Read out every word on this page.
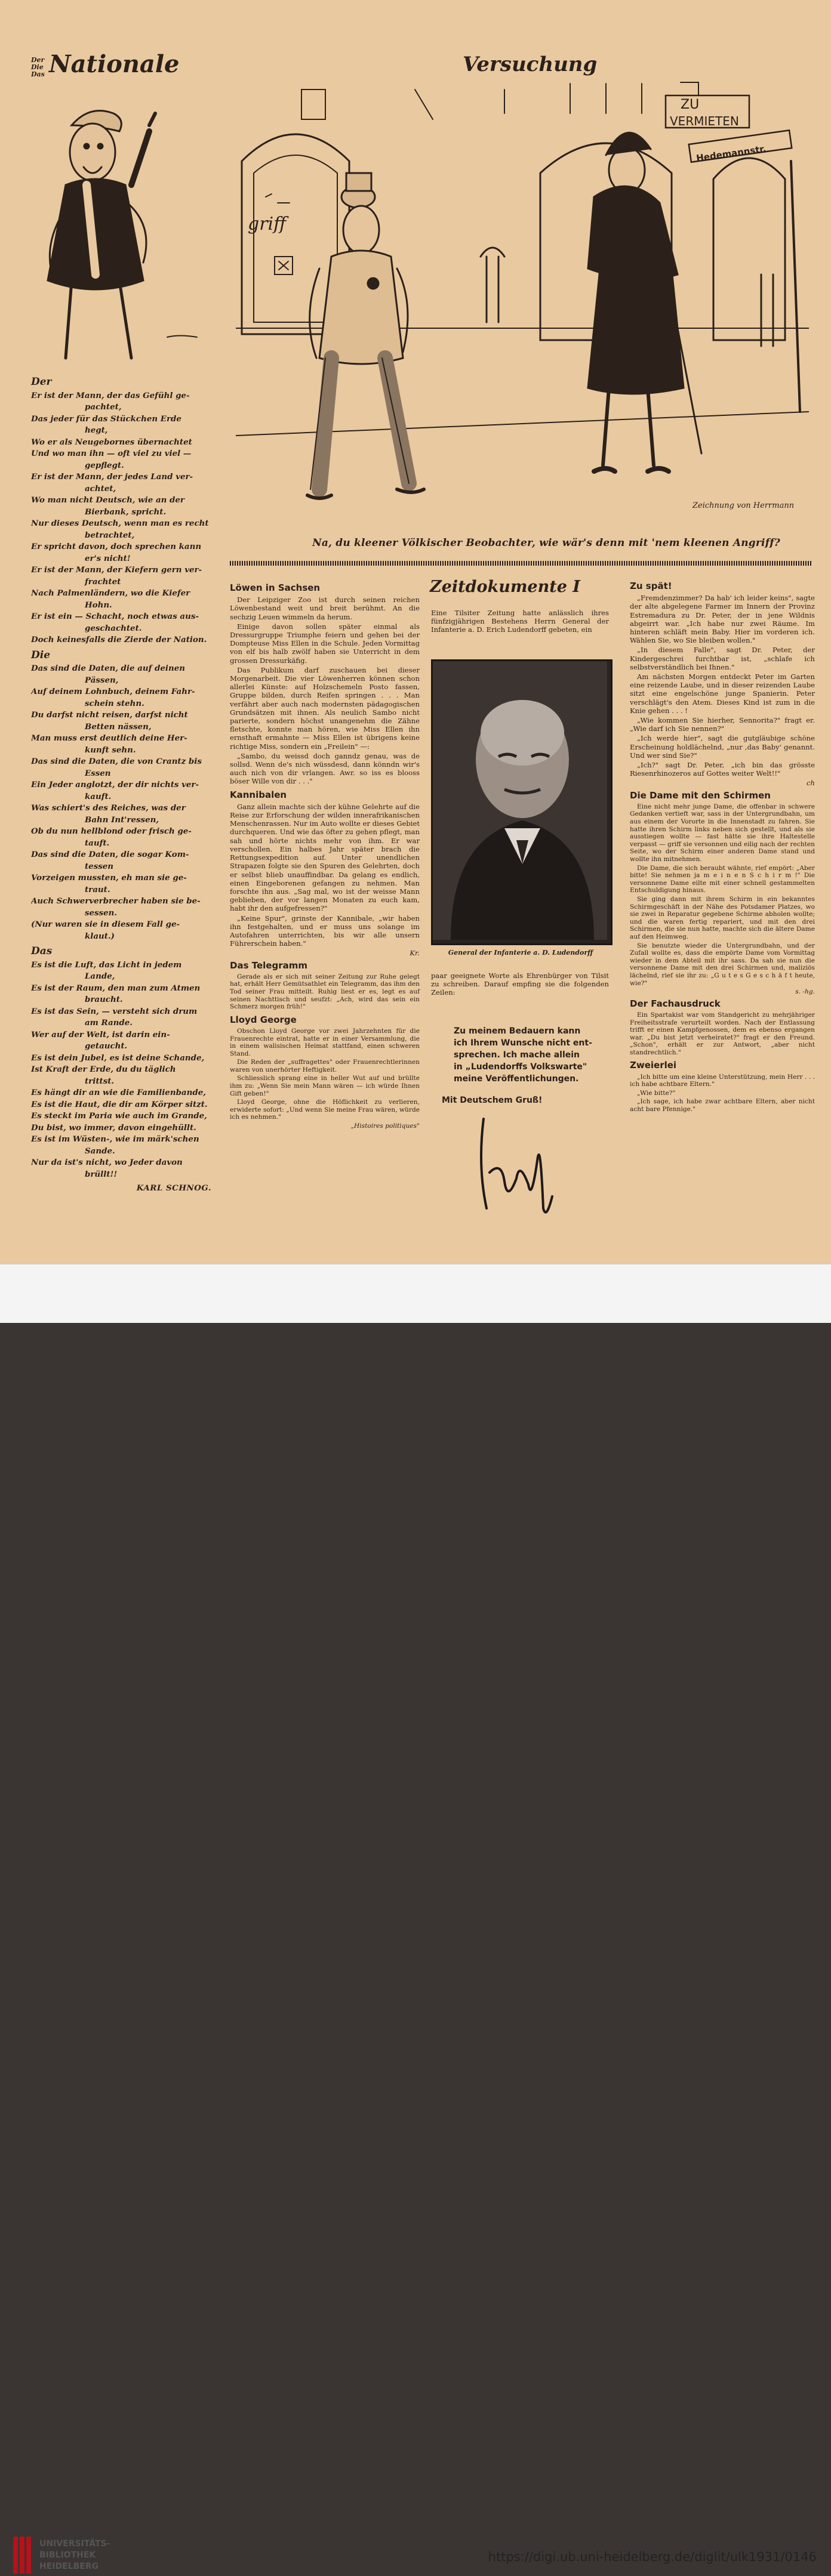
Der
Die
Das Nationale	Versuchung
ZU
VERMIETEN
Hedemannstr.
griff
Zeichnung von Herrmann
Na, du kleener Völkischer Beobachter, wie wär's denn mit 'nem kleenen Angriff?
Der
Er ist der Mann, der das Gefühl ge-
pachtet,
Das jeder für das Stückchen Erde
hegt,
Wo er als Neugebornes übernachtet
Und wo man ihn — oft viel zu viel —
gepflegt.
Er ist der Mann, der jedes Land ver-
achtet,
Wo man nicht Deutsch, wie an der
Bierbank, spricht.
Nur dieses Deutsch, wenn man es recht
betrachtet,
Er spricht davon, doch sprechen kann
er's nicht!
Er ist der Mann, der Kiefern gern ver-
frachtet
Nach Palmenländern, wo die Kiefer
Hohn.
Er ist ein — Schacht, noch etwas aus-
geschachtet.
Doch keinesfalls die Zierde der Nation.
Die
Das sind die Daten, die auf deinen
Pässen,
Auf deinem Lohnbuch, deinem Fahr-
schein stehn.
Du darfst nicht reisen, darfst nicht
Betten nässen,
Man muss erst deutlich deine Her-
kunft sehn.
Das sind die Daten, die von Crantz bis
Essen
Ein Jeder anglotzt, der dir nichts ver-
kauft.
Was schiert's des Reiches, was der
Bahn Int'ressen,
Ob du nun hellblond oder frisch ge-
tauft.
Das sind die Daten, die sogar Kom-
tessen
Vorzeigen mussten, eh man sie ge-
traut.
Auch Schwerverbrecher haben sie be-
sessen.
(Nur waren sie in diesem Fall ge-
klaut.)
Das
Es ist die Luft, das Licht in jedem
Lande,
Es ist der Raum, den man zum Atmen
braucht.
Es ist das Sein, — versteht sich drum
am Rande.
Wer auf der Welt, ist darin ein-
getaucht.
Es ist dein Jubel, es ist deine Schande,
Ist Kraft der Erde, du du täglich
trittst.
Es hängt dir an wie die Familienbande,
Es ist die Haut, die dir am Körper sitzt.
Es steckt im Paria wie auch im Grande,
Du bist, wo immer, davon eingehüllt.
Es ist im Wüsten-, wie im märk'schen
Sande.
Nur da ist's nicht, wo Jeder davon
brüllt!!
KARL SCHNOG.
Löwen in Sachsen

Der Leipziger Zoo ist durch seinen reichen Löwenbestand weit und breit berühmt. An die sechzig Leuen wimmeln da herum.

Einige davon sollen später einmal als Dressurgruppe Triumphe feiern und gehen bei der Dompteuse Miss Ellen in die Schule. Jeden Vormittag von elf bis halb zwölf haben sie Unterricht in dem grossen Dressurkäfig.

Das Publikum darf zuschauen bei dieser Morgenarbeit. Die vier Löwenherren können schon allerlei Künste: auf Holzschemeln Posto fassen, Gruppe bilden, durch Reifen springen . . . Man verfährt aber auch nach modernsten pädagogischen Grundsätzen mit ihnen. Als neulich Sambo nicht parierte, sondern höchst unangenehm die Zähne fletschte, konnte man hören, wie Miss Ellen ihn ernsthaft ermahnte — Miss Ellen ist übrigens keine richtige Miss, sondern ein „Freilein" —:

„Sambo, du weissd doch ganndz genau, was de sollsd. Wenn de's nich wüssdesd, dann könndn wir's auch nich von dir vrlangen. Awr. so iss es blooss böser Wille von dir . . ."

Kannibalen

Ganz allein machte sich der kühne Gelehrte auf die Reise zur Erforschung der wilden innerafrikanischen Menschenrassen. Nur im Auto wollte er dieses Gebiet durchqueren. Und wie das öfter zu gehen pflegt, man sah und hörte nichts mehr von ihm. Er war verschollen. Ein halbes Jahr später brach die Rettungsexpedition auf. Unter unendlichen Strapazen folgte sie den Spuren des Gelehrten, doch er selbst blieb unauffindbar. Da gelang es endlich, einen Eingeborenen gefangen zu nehmen. Man forschte ihn aus. „Sag mal, wo ist der weisse Mann geblieben, der vor langen Monaten zu euch kam, habt ihr den aufgefressen?"

„Keine Spur", grinste der Kannibale, „wir haben ihn festgehalten, und er muss uns solange im Autofahren unterrichten, bis wir alle unsern Führerschein haben."

Kr.
Das Telegramm

Gerade als er sich mit seiner Zeitung zur Ruhe gelegt hat, erhält Herr Gemütsathlet ein Telegramm, das ihm den Tod seiner Frau mitteilt. Ruhig liest er es, legt es auf seinen Nachttisch und seufzt: „Ach, wird das sein ein Schmerz morgen früh!"

Lloyd George

Obschon Lloyd George vor zwei Jahrzehnten für die Frauenrechte eintrat, hatte er in einer Versammlung, die in einem walisischen Heimat stattfand, einen schweren Stand.

Die Reden der „suffragettes" oder Frauenrechtlerinnen waren von unerhörter Heftigkeit.

Schliesslich sprang eine in heller Wut auf und brüllte ihm zu: „Wenn Sie mein Mann wären — ich würde Ihnen Gift geben!"

Lloyd George, ohne die Höflichkeit zu verlieren, erwiderte sofort: „Und wenn Sie meine Frau wären, würde ich es nehmen."

„Histoires politiques"
Zeitdokumente I
Eine Tilsiter Zeitung hatte anlässlich ihres fünfzigjährigen Bestehens Herrn General der Infanterie a. D. Erich Ludendorff gebeten, ein
General der Infanterie a. D. Ludendorff
paar geeignete Worte als Ehrenbürger von Tilsit zu schreiben. Darauf empfing sie die folgenden Zeilen:
Zu meinem Bedauern kann
ich Ihrem Wunsche nicht ent-
sprechen. Ich mache allein
in „Ludendorffs Volkswarte"
meine Veröffentlichungen.
Mit Deutschem Gruß!
Zu spät!

„Fremdenzimmer? Da hab' ich leider keins", sagte der alte abgelegene Farmer im Innern der Provinz Estremadura zu Dr. Peter, der in jene Wildnis abgeirrt war. „Ich habe nur zwei Räume. Im hinteren schläft mein Baby. Hier im vorderen ich. Wählen Sie, wo Sie bleiben wollen."

„In diesem Falle", sagt Dr. Peter, der Kindergeschrei furchtbar ist, „schlafe ich selbstverständlich bei Ihnen."

Am nächsten Morgen entdeckt Peter im Garten eine reizende Laube, und in dieser reizenden Laube sitzt eine engelschöne junge Spanierin. Peter verschlägt's den Atem. Dieses Kind ist zum in die Knie gehen . . . !

„Wie kommen Sie hierher, Sennorita?" fragt er. „Wie darf ich Sie nennen?"

„Ich werde hier", sagt die gutgläubige schöne Erscheinung holdlächelnd, „nur ,das Baby' genannt. Und wer sind Sie?"

„Ich?" sagt Dr. Peter, „ich bin das grösste Riesenrhinozeros auf Gottes weiter Welt!!"

ch
Die Dame mit den Schirmen

Eine nicht mehr junge Dame, die offenbar in schwere Gedanken vertieft war, sass in der Untergrundbahn, um aus einem der Vororte in die Innenstadt zu fahren. Sie hatte ihren Schirm links neben sich gestellt, und als sie ausstiegen wollte — fast hätte sie ihre Haltestelle verpasst — griff sie versonnen und eilig nach der rechten Seite, wo der Schirm einer anderen Dame stand und wollte ihn mitnehmen.

Die Dame, die sich beraubt wähnte, rief empört: „Aber bitte! Sie nehmen ja m e i n e n S c h i r m !" Die versonnene Dame eilte mit einer schnell gestammelten Entschuldigung hinaus.

Sie ging dann mit ihrem Schirm in ein bekanntes Schirmgeschäft in der Nähe des Potsdamer Platzes, wo sie zwei in Reparatur gegebene Schirme abholen wollte; und die waren fertig repariert, und mit den drei Schirmen, die sie nun hatte, machte sich die ältere Dame auf den Heimweg.

Sie benutzte wieder die Untergrundbahn, und der Zufall wollte es, dass die empörte Dame vom Vormittag wieder in dem Abteil mit ihr sass. Da sah sie nun die versonnene Dame mit den drei Schirmen und, maliziös lächelnd, rief sie ihr zu: „G u t e s G e s c h ä f t heute, wie?"

s. -hg.
Der Fachausdruck

Ein Spartakist war vom Standgericht zu mehrjähriger Freiheitsstrafe verurteilt worden. Nach der Entlassung trifft er einen Kampfgenossen, dem es ebenso ergangen war. „Du bist jetzt verheiratet?" fragt er den Freund. „Schon", erhält er zur Antwort, „aber nicht standrechtlich."

Zweierlei

„Ich bitte um eine kleine Unterstützung, mein Herr . . . ich habe achtbare Eltern."

„Wie bitte?"

„Ich sage, ich habe zwar achtbare Eltern, aber nicht acht bare Pfennige."

UNIVERSITÄTS-
BIBLIOTHEK
HEIDELBERG
https://digi.ub.uni-heidelberg.de/diglit/ulk1931/0146
